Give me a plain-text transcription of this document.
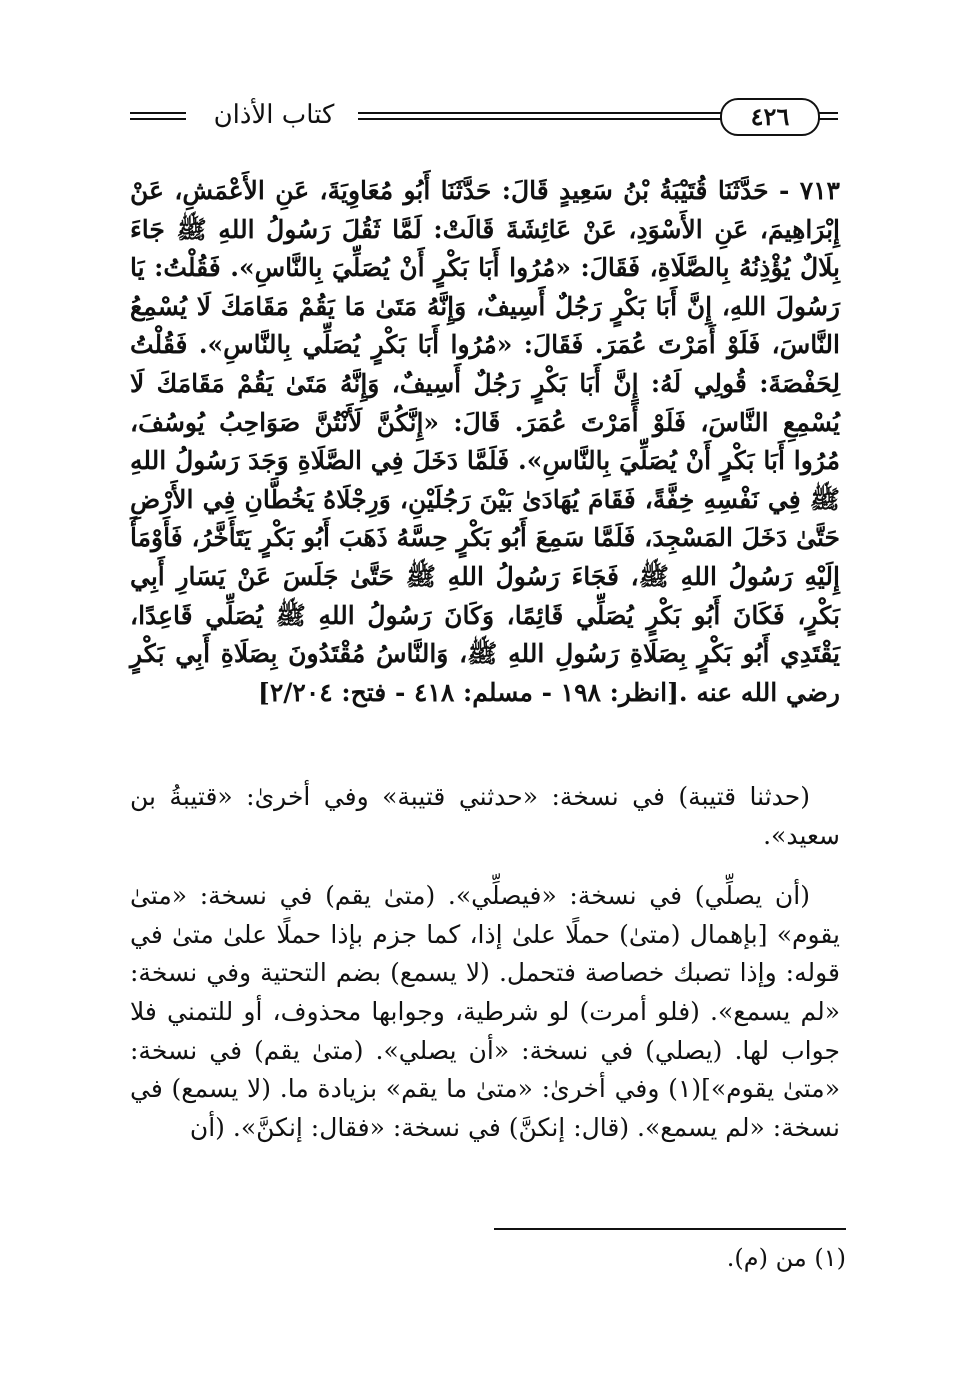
كتاب الأذان	٤٢٦

٧١٣ - حَدَّثَنَا قُتَيْبَةُ بْنُ سَعِيدٍ قَالَ: حَدَّثَنَا أَبُو مُعَاوِيَةَ، عَنِ الأَعْمَشِ، عَنْ إِبْرَاهِيمَ، عَنِ الأَسْوَدِ، عَنْ عَائِشَةَ قَالَتْ: لَمَّا ثَقُلَ رَسُولُ اللهِ ﷺ جَاءَ بِلَالٌ يُؤْذِنُهُ بِالصَّلَاةِ، فَقَالَ: «مُرُوا أَبَا بَكْرٍ أَنْ يُصَلِّيَ بِالنَّاسِ». فَقُلْتُ: يَا رَسُولَ اللهِ، إِنَّ أَبَا بَكْرٍ رَجُلٌ أَسِيفٌ، وَإِنَّهُ مَتَىٰ مَا يَقُمْ مَقَامَكَ لَا يُسْمِعُ النَّاسَ، فَلَوْ أَمَرْتَ عُمَرَ. فَقَالَ: «مُرُوا أَبَا بَكْرٍ يُصَلِّي بِالنَّاسِ». فَقُلْتُ لِحَفْصَةَ: قُولِي لَهُ: إِنَّ أَبَا بَكْرٍ رَجُلٌ أَسِيفٌ، وَإِنَّهُ مَتَىٰ يَقُمْ مَقَامَكَ لَا يُسْمِعِ النَّاسَ، فَلَوْ أَمَرْتَ عُمَرَ. قَالَ: «إِنَّكُنَّ لَأَنْتُنَّ صَوَاحِبُ يُوسُفَ، مُرُوا أَبَا بَكْرٍ أَنْ يُصَلِّيَ بِالنَّاسِ». فَلَمَّا دَخَلَ فِي الصَّلَاةِ وَجَدَ رَسُولُ اللهِ ﷺ فِي نَفْسِهِ خِفَّةً، فَقَامَ يُهَادَىٰ بَيْنَ رَجُلَيْنِ، وَرِجْلَاهُ يَخُطَّانِ فِي الأَرْضِ حَتَّىٰ دَخَلَ المَسْجِدَ، فَلَمَّا سَمِعَ أَبُو بَكْرٍ حِسَّهُ ذَهَبَ أَبُو بَكْرٍ يَتَأَخَّرُ، فَأَوْمَأَ إِلَيْهِ رَسُولُ اللهِ ﷺ، فَجَاءَ رَسُولُ اللهِ ﷺ حَتَّىٰ جَلَسَ عَنْ يَسَارِ أَبِي بَكْرٍ، فَكَانَ أَبُو بَكْرٍ يُصَلِّي قَائِمًا، وَكَانَ رَسُولُ اللهِ ﷺ يُصَلِّي قَاعِدًا، يَقْتَدِي أَبُو بَكْرٍ بِصَلَاةِ رَسُولِ اللهِ ﷺ، وَالنَّاسُ مُقْتَدُونَ بِصَلَاةِ أَبِي بَكْرٍ رضي الله عنه .[انظر: ١٩٨ - مسلم: ٤١٨ - فتح: ٢/٢٠٤]

(حدثنا قتيبة) في نسخة: «حدثني قتيبة» وفي أخرىٰ: «قتيبةُ بن سعيد».

(أن يصلِّي) في نسخة: «فيصلِّي». (متىٰ يقم) في نسخة: «متىٰ يقوم» [بإهمال (متىٰ) حملًا علىٰ إذا، كما جزم بإذا حملًا علىٰ متىٰ في قوله: وإذا تصبك خصاصة فتحمل. (لا يسمع) بضم التحتية وفي نسخة: «لم يسمع». (فلو أمرت) لو شرطية، وجوابها محذوف، أو للتمني فلا جواب لها. (يصلي) في نسخة: «أن يصلي». (متىٰ يقم) في نسخة: «متىٰ يقوم»](١) وفي أخرىٰ: «متىٰ ما يقم» بزيادة ما. (لا يسمع) في نسخة: «لم يسمع». (قال: إنكنَّ) في نسخة: «فقال: إنكنَّ». (أن

(١) من (م).
